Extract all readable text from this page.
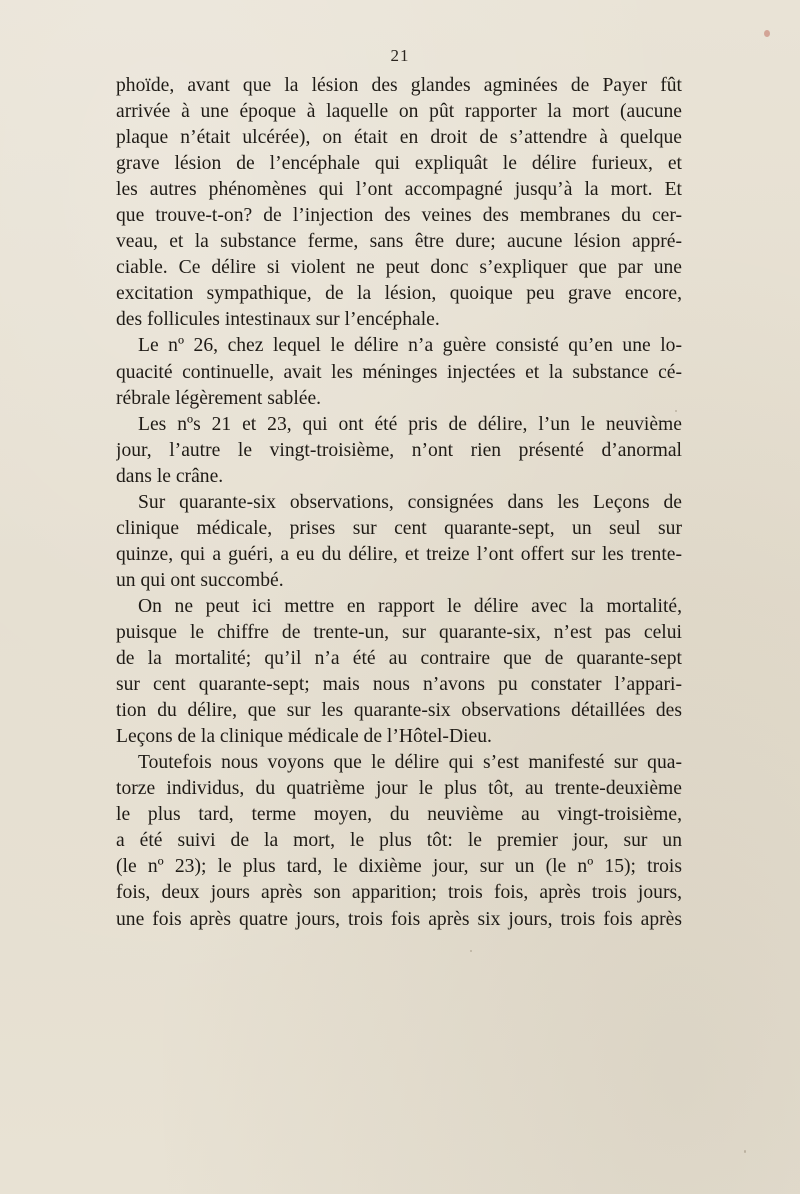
21
phoïde, avant que la lésion des glandes agminées de Payer fût
arrivée à une époque à laquelle on pût rapporter la mort (aucune
plaque n’était ulcérée), on était en droit de s’attendre à quelque
grave lésion de l’encéphale qui expliquât le délire furieux, et
les autres phénomènes qui l’ont accompagné jusqu’à la mort. Et
que trouve-t-on? de l’injection des veines des membranes du cer-
veau, et la substance ferme, sans être dure; aucune lésion appré-
ciable. Ce délire si violent ne peut donc s’expliquer que par une
excitation sympathique, de la lésion, quoique peu grave encore,
des follicules intestinaux sur l’encéphale.
Le nº 26, chez lequel le délire n’a guère consisté qu’en une lo-
quacité continuelle, avait les méninges injectées et la substance cé-
rébrale légèrement sablée.
Les nºs 21 et 23, qui ont été pris de délire, l’un le neuvième
jour, l’autre le vingt-troisième, n’ont rien présenté d’anormal
dans le crâne.
Sur quarante-six observations, consignées dans les Leçons de
clinique médicale, prises sur cent quarante-sept, un seul sur
quinze, qui a guéri, a eu du délire, et treize l’ont offert sur les trente-
un qui ont succombé.
On ne peut ici mettre en rapport le délire avec la mortalité,
puisque le chiffre de trente-un, sur quarante-six, n’est pas celui
de la mortalité; qu’il n’a été au contraire que de quarante-sept
sur cent quarante-sept; mais nous n’avons pu constater l’appari-
tion du délire, que sur les quarante-six observations détaillées des
Leçons de la clinique médicale de l’Hôtel-Dieu.
Toutefois nous voyons que le délire qui s’est manifesté sur qua-
torze individus, du quatrième jour le plus tôt, au trente-deuxième
le plus tard, terme moyen, du neuvième au vingt-troisième,
a été suivi de la mort, le plus tôt: le premier jour, sur un
(le nº 23); le plus tard, le dixième jour, sur un (le nº 15); trois
fois, deux jours après son apparition; trois fois, après trois jours,
une fois après quatre jours, trois fois après six jours, trois fois après
